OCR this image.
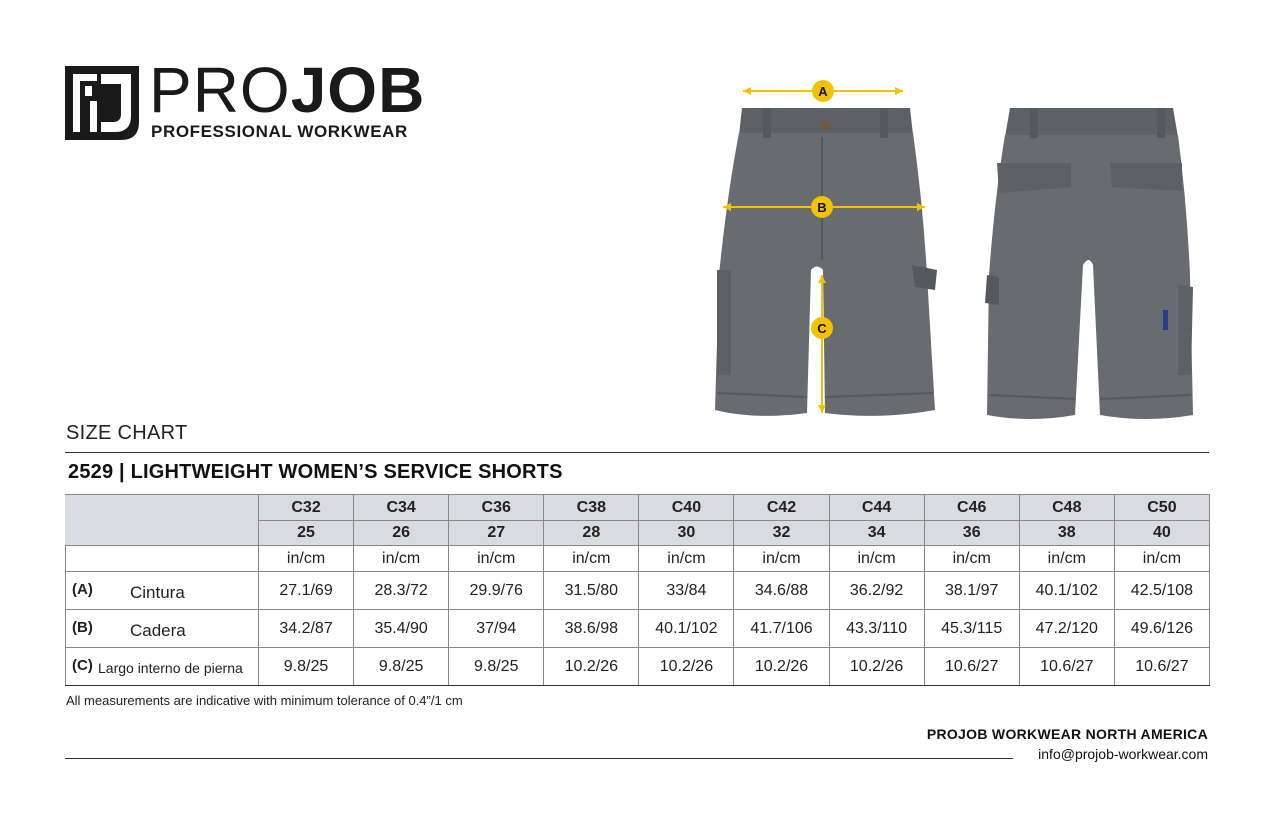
PROJOB
PROFESSIONAL WORKWEAR
A
B
C
SIZE CHART
2529 | LIGHTWEIGHT WOMEN’S SERVICE SHORTS
	C32	C34	C36	C38	C40	C42	C44	C46	C48	C50
	25	26	27	28	30	32	34	36	38	40
	in/cm	in/cm	in/cm	in/cm	in/cm	in/cm	in/cm	in/cm	in/cm	in/cm

(A) Cintura	27.1/69	28.3/72	29.9/76	31.5/80	33/84	34.6/88	36.2/92	38.1/97	40.1/102	42.5/108

(B) Cadera	34.2/87	35.4/90	37/94	38.6/98	40.1/102	41.7/106	43.3/110	45.3/115	47.2/120	49.6/126

(C) Largo interno de pierna	9.8/25	9.8/25	9.8/25	10.2/26	10.2/26	10.2/26	10.2/26	10.6/27	10.6/27	10.6/27
All measurements are indicative with minimum tolerance of 0.4”/1 cm
PROJOB WORKWEAR NORTH AMERICA
info@projob-workwear.com
